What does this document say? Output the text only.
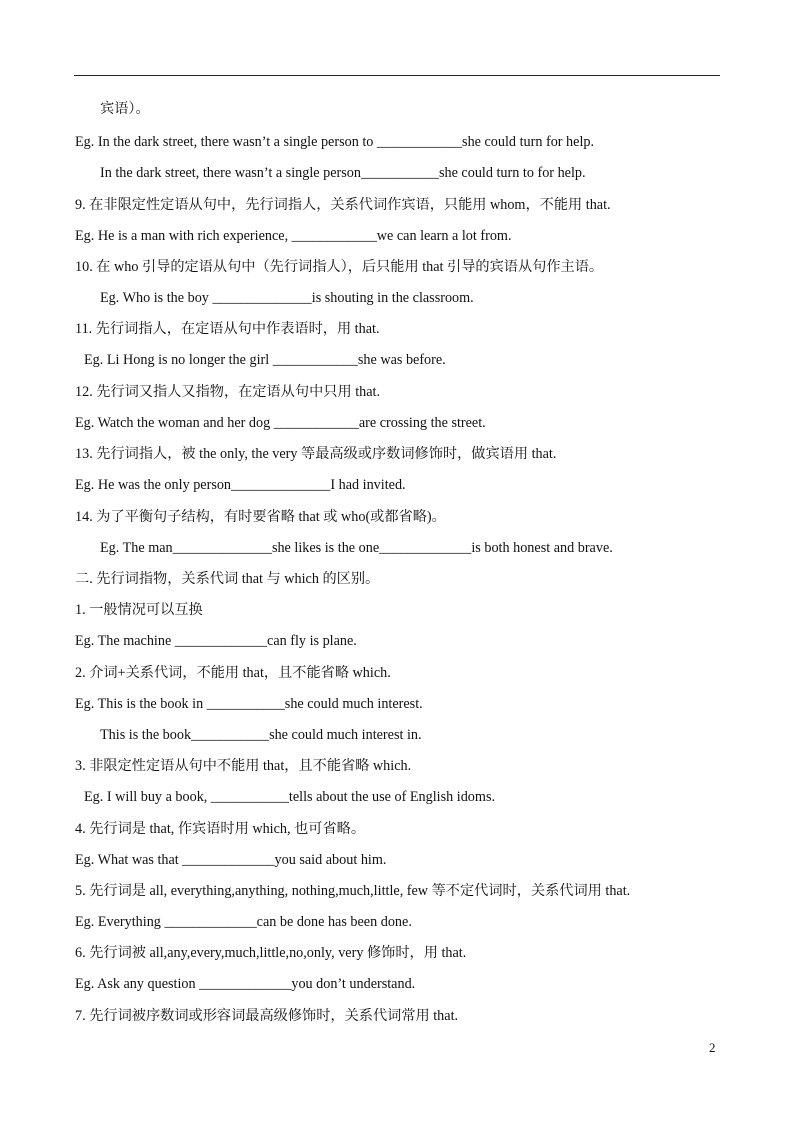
宾语）。
Eg. In the dark street, there wasn’t a single person to ____________she could turn for help.
In the dark street, there wasn’t a single person___________she could turn to for help.
9. 在非限定性定语从句中，先行词指人，关系代词作宾语，只能用 whom，不能用 that.
Eg. He is a man with rich experience, ____________we can learn a lot from.
10. 在 who 引导的定语从句中（先行词指人），后只能用 that 引导的宾语从句作主语。
Eg. Who is the boy ______________is shouting in the classroom.
11. 先行词指人，在定语从句中作表语时，用 that.
Eg. Li Hong is no longer the girl ____________she was before.
12. 先行词又指人又指物，在定语从句中只用 that.
Eg. Watch the woman and her dog ____________are crossing the street.
13. 先行词指人，被 the only, the very 等最高级或序数词修饰时，做宾语用 that.
Eg. He was the only person______________I had invited.
14. 为了平衡句子结构，有时要省略 that 或 who(或都省略)。
Eg. The man______________she likes is the one_____________is both honest and brave.
二. 先行词指物，关系代词 that 与 which 的区别。
1. 一般情况可以互换
Eg. The machine _____________can fly is plane.
2. 介词+关系代词，不能用 that，且不能省略 which.
Eg. This is the book in ___________she could much interest.
This is the book___________she could much interest in.
3. 非限定性定语从句中不能用 that，且不能省略 which.
Eg. I will buy a book, ___________tells about the use of English idoms.
4. 先行词是 that, 作宾语时用 which, 也可省略。
Eg. What was that _____________you said about him.
5. 先行词是 all, everything,anything, nothing,much,little, few 等不定代词时，关系代词用 that.
Eg. Everything _____________can be done has been done.
6. 先行词被 all,any,every,much,little,no,only, very 修饰时，用 that.
Eg. Ask any question _____________you don’t understand.
7. 先行词被序数词或形容词最高级修饰时，关系代词常用 that.
2
